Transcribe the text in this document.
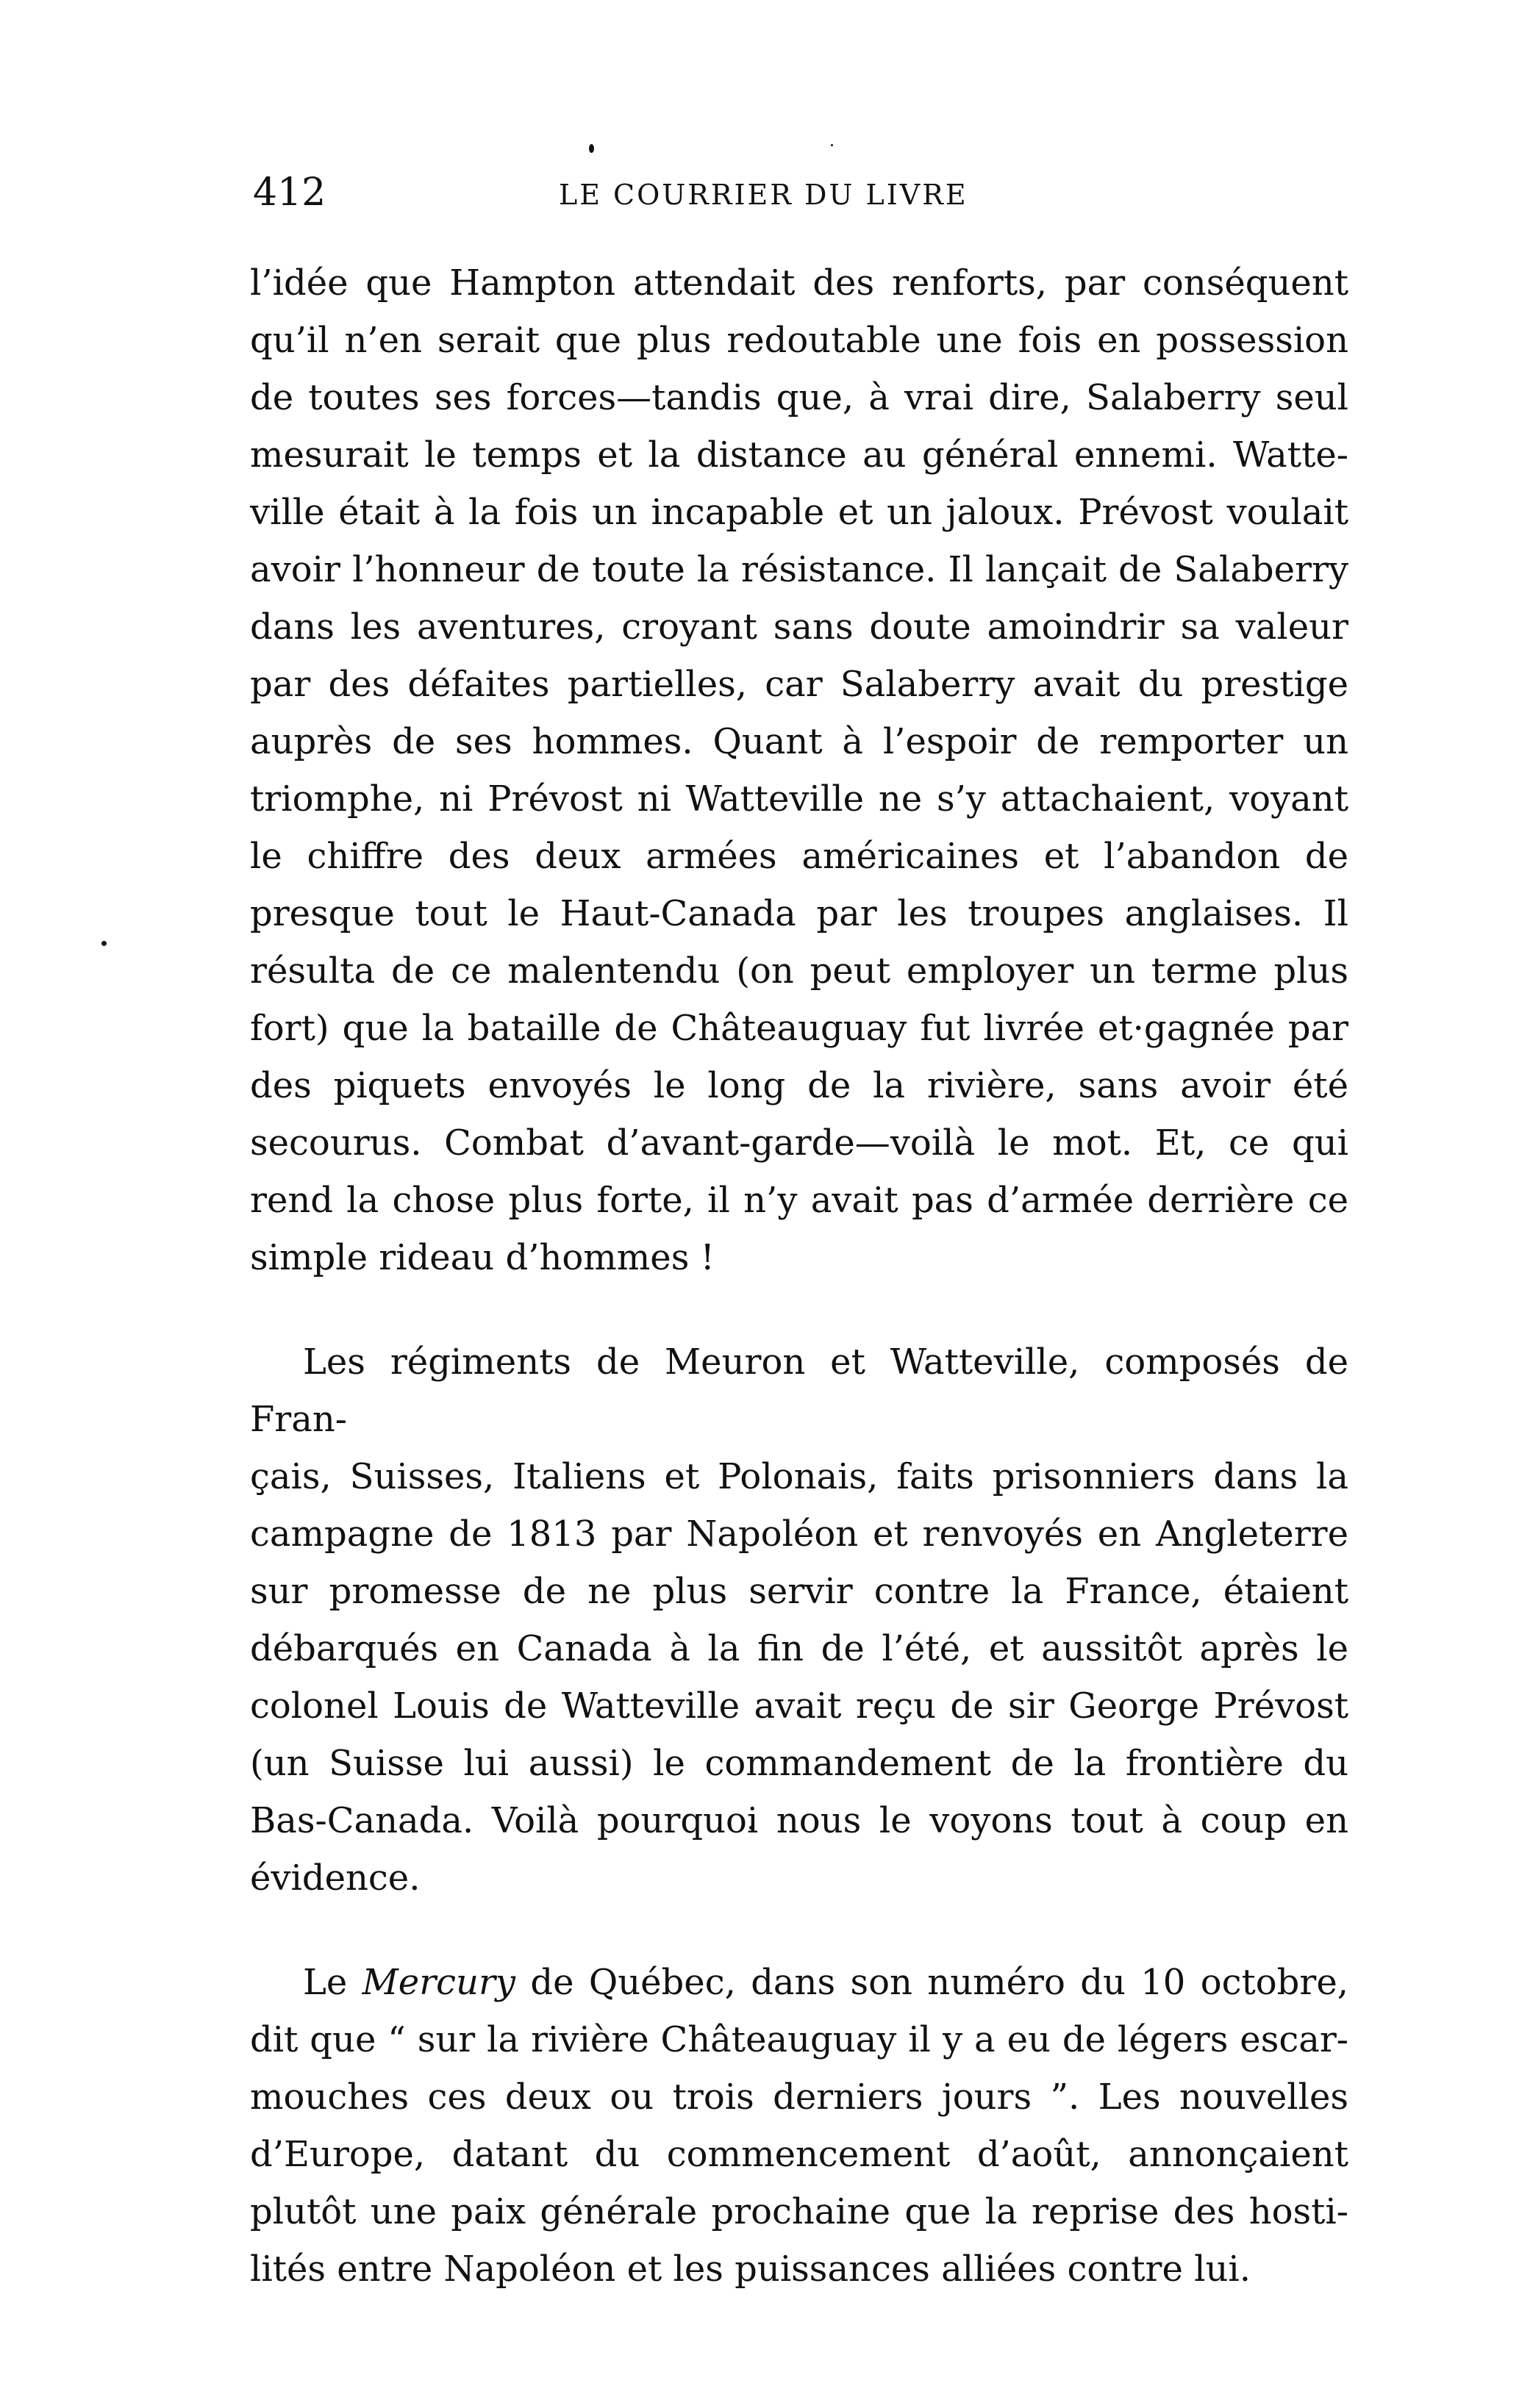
412	LE COURRIER DU LIVRE

l’idée que Hampton attendait des renforts, par conséquent

qu’il n’en serait que plus redoutable une fois en possession

de toutes ses forces—tandis que, à vrai dire, Salaberry seul

mesurait le temps et la distance au général ennemi. Watte-

ville était à la fois un incapable et un jaloux. Prévost voulait

avoir l’honneur de toute la résistance. Il lançait de Salaberry

dans les aventures, croyant sans doute amoindrir sa valeur

par des défaites partielles, car Salaberry avait du prestige

auprès de ses hommes. Quant à l’espoir de remporter un

triomphe, ni Prévost ni Watteville ne s’y attachaient, voyant

le chiffre des deux armées américaines et l’abandon de

presque tout le Haut-Canada par les troupes anglaises. Il

résulta de ce malentendu (on peut employer un terme plus

fort) que la bataille de Châteauguay fut livrée et·gagnée par

des piquets envoyés le long de la rivière, sans avoir été

secourus. Combat d’avant-garde—voilà le mot. Et, ce qui

rend la chose plus forte, il n’y avait pas d’armée derrière ce

simple rideau d’hommes !

Les régiments de Meuron et Watteville, composés de Fran-

çais, Suisses, Italiens et Polonais, faits prisonniers dans la

campagne de 1813 par Napoléon et renvoyés en Angleterre

sur promesse de ne plus servir contre la France, étaient

débarqués en Canada à la fin de l’été, et aussitôt après le

colonel Louis de Watteville avait reçu de sir George Prévost

(un Suisse lui aussi) le commandement de la frontière du

Bas-Canada. Voilà pourquoi nous le voyons tout à coup en

évidence.

Le Mercury de Québec, dans son numéro du 10 octobre,

dit que “ sur la rivière Châteauguay il y a eu de légers escar-

mouches ces deux ou trois derniers jours ”. Les nouvelles

d’Europe, datant du commencement d’août, annonçaient

plutôt une paix générale prochaine que la reprise des hosti-

lités entre Napoléon et les puissances alliées contre lui.
